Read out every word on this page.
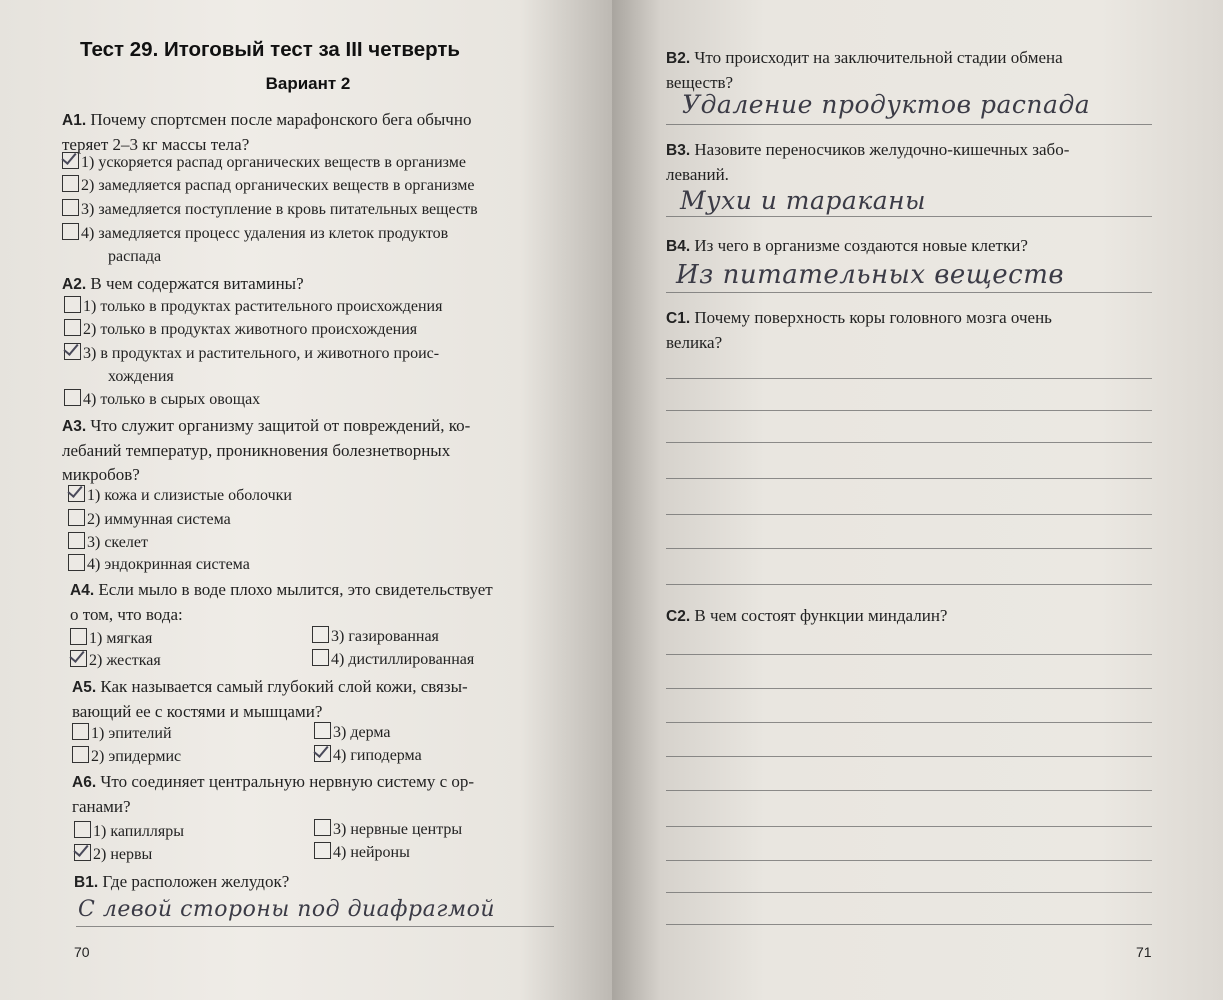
Тест 29. Итоговый тест за III четверть
Вариант 2
А1. Почему спортсмен после марафонского бега обычно
теряет 2–3 кг массы тела?
1) ускоряется распад органических веществ в организме
2) замедляется распад органических веществ в организме
3) замедляется поступление в кровь питательных веществ
4) замедляется процесс удаления из клеток продуктов
распада
А2. В чем содержатся витамины?
1) только в продуктах растительного происхождения
2) только в продуктах животного происхождения
3) в продуктах и растительного, и животного проис-
хождения
4) только в сырых овощах
А3. Что служит организму защитой от повреждений, ко-
лебаний температур, проникновения болезнетворных
микробов?
1) кожа и слизистые оболочки
2) иммунная система
3) скелет
4) эндокринная система
А4. Если мыло в воде плохо мылится, это свидетельствует
о том, что вода:
1) мягкая
2) жесткая
3) газированная
4) дистиллированная
А5. Как называется самый глубокий слой кожи, связы-
вающий ее с костями и мышцами?
1) эпителий
2) эпидермис
3) дерма
4) гиподерма
А6. Что соединяет центральную нервную систему с ор-
ганами?
1) капилляры
2) нервы
3) нервные центры
4) нейроны
В1. Где расположен желудок?
С левой стороны под диафрагмой
70
В2. Что происходит на заключительной стадии обмена
веществ?
Удаление продуктов распада
В3. Назовите переносчиков желудочно-кишечных забо-
леваний.
Мухи и тараканы
В4. Из чего в организме создаются новые клетки?
Из питательных веществ
С1. Почему поверхность коры головного мозга очень
велика?
С2. В чем состоят функции миндалин?
71
